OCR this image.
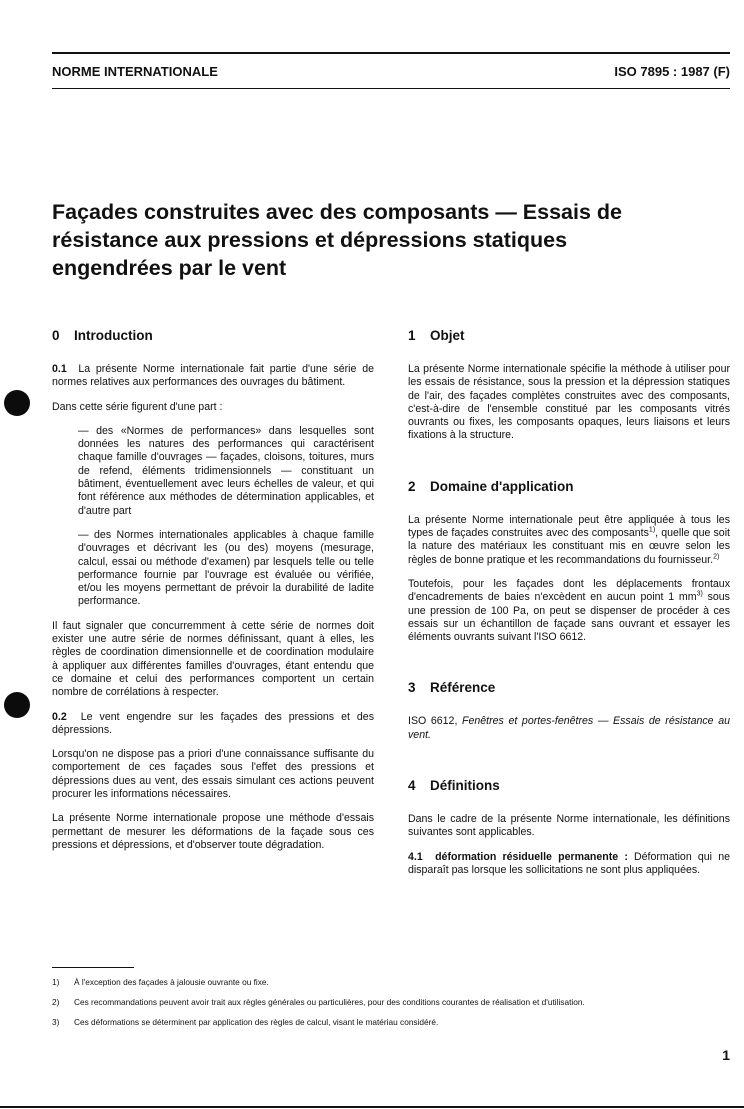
NORME INTERNATIONALE	ISO 7895 : 1987 (F)
Façades construites avec des composants — Essais de
résistance aux pressions et dépressions statiques
engendrées par le vent
0 Introduction

0.1 La présente Norme internationale fait partie d'une série de normes relatives aux performances des ouvrages du bâtiment.

Dans cette série figurent d'une part :

— des «Normes de performances» dans lesquelles sont données les natures des performances qui caractérisent chaque famille d'ouvrages — façades, cloisons, toitures, murs de refend, éléments tridimensionnels — constituant un bâtiment, éventuellement avec leurs échelles de valeur, et qui font référence aux méthodes de détermination applicables, et d'autre part

— des Normes internationales applicables à chaque famille d'ouvrages et décrivant les (ou des) moyens (mesurage, calcul, essai ou méthode d'examen) par lesquels telle ou telle performance fournie par l'ouvrage est évaluée ou vérifiée, et/ou les moyens permettant de prévoir la durabilité de ladite performance.

Il faut signaler que concurremment à cette série de normes doit exister une autre série de normes définissant, quant à elles, les règles de coordination dimensionnelle et de coordination modulaire à appliquer aux différentes familles d'ouvrages, étant entendu que ce domaine et celui des performances comportent un certain nombre de corrélations à respecter.

0.2 Le vent engendre sur les façades des pressions et des dépressions.

Lorsqu'on ne dispose pas a priori d'une connaissance suffisante du comportement de ces façades sous l'effet des pressions et dépressions dues au vent, des essais simulant ces actions peuvent procurer les informations nécessaires.

La présente Norme internationale propose une méthode d'essais permettant de mesurer les déformations de la façade sous ces pressions et dépressions, et d'observer toute dégradation.

1 Objet

La présente Norme internationale spécifie la méthode à utiliser pour les essais de résistance, sous la pression et la dépression statiques de l'air, des façades complètes construites avec des composants, c'est-à-dire de l'ensemble constitué par les composants vitrés ouvrants ou fixes, les composants opaques, leurs liaisons et leurs fixations à la structure.

2 Domaine d'application

La présente Norme internationale peut être appliquée à tous les types de façades construites avec des composants$^{1)}$, quelle que soit la nature des matériaux les constituant mis en œuvre selon les règles de bonne pratique et les recommandations du fournisseur.$^{2)}$

Toutefois, pour les façades dont les déplacements frontaux d'encadrements de baies n'excèdent en aucun point 1 $mm^{3)}$ sous une pression de 100 Pa, on peut se dispenser de procéder à ces essais sur un échantillon de façade sans ouvrant et essayer les éléments ouvrants suivant l'ISO 6612.

3 Référence

ISO 6612, Fenêtres et portes-fenêtres — Essais de résistance au vent.

4 Définitions

Dans le cadre de la présente Norme internationale, les définitions suivantes sont applicables.

4.1 déformation résiduelle permanente : Déformation qui ne disparaît pas lorsque les sollicitations ne sont plus appliquées.

1)	À l'exception des façades à jalousie ouvrante ou fixe.
2)	Ces recommandations peuvent avoir trait aux règles générales ou particulières, pour des conditions courantes de réalisation et d'utilisation.
3)	Ces déformations se déterminent par application des règles de calcul, visant le matériau considéré.
1
